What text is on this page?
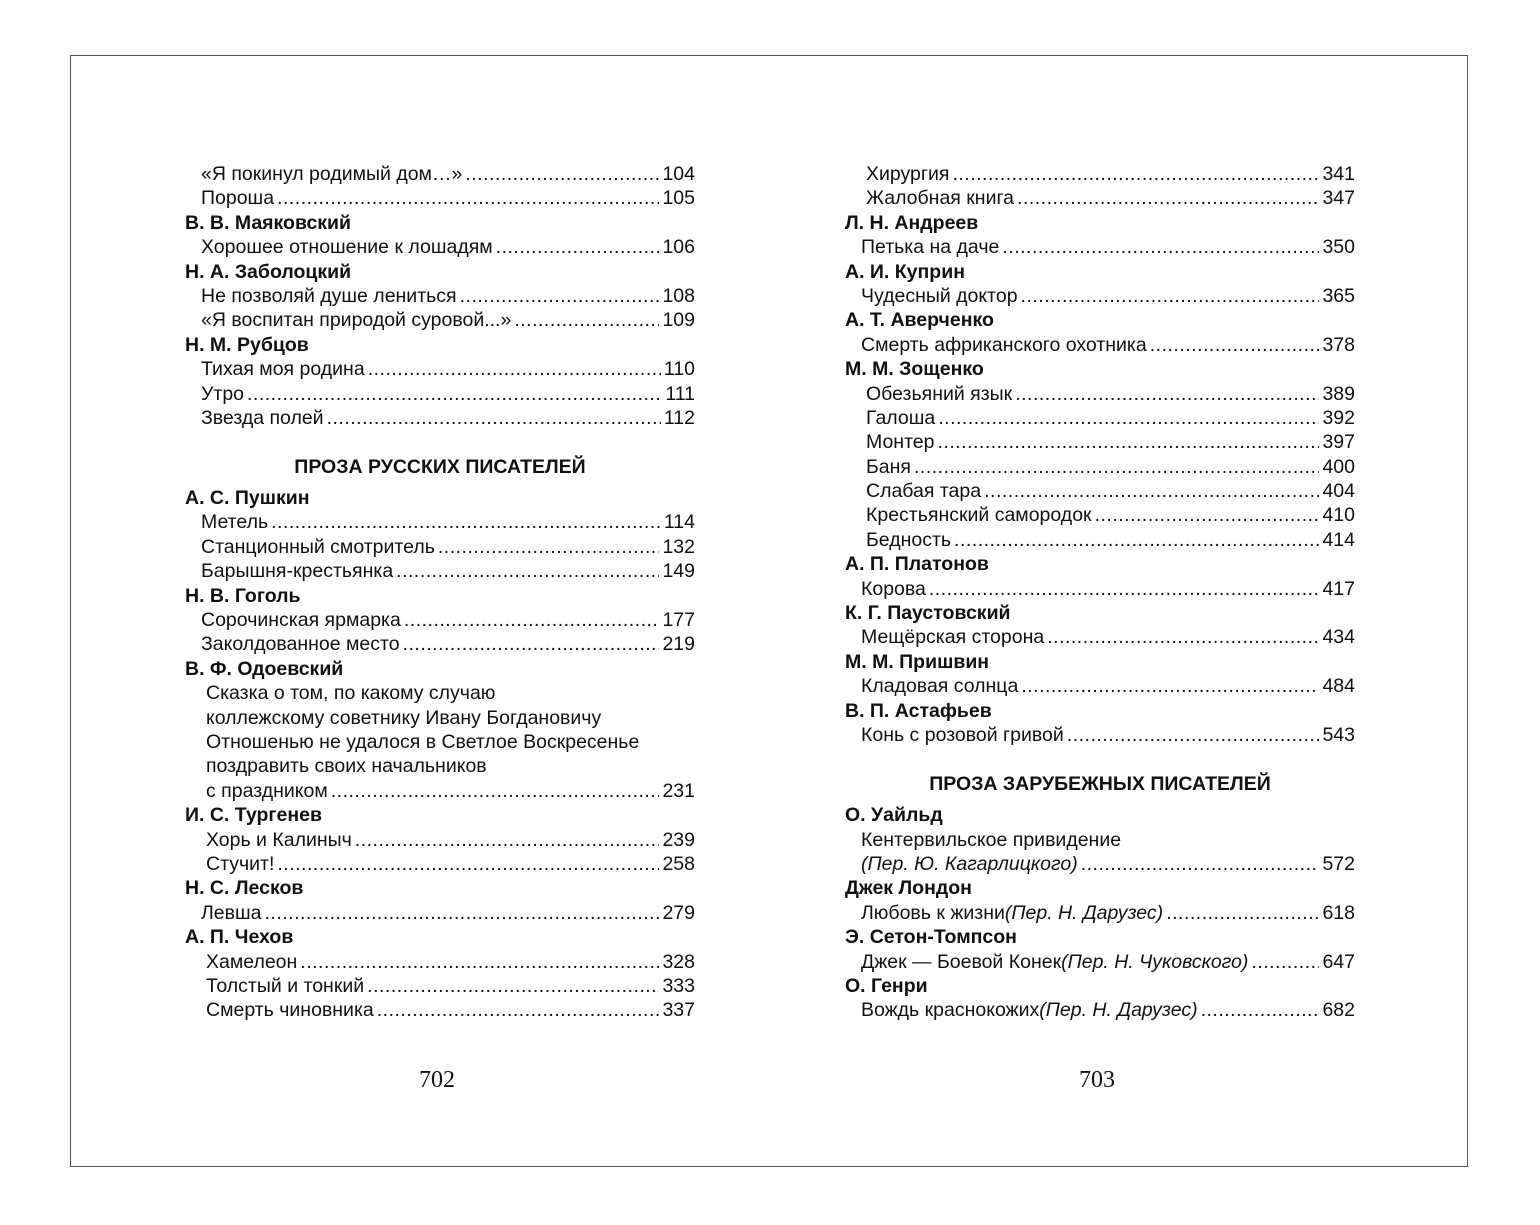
«Я покинул родимый дом…» .....	104
Пороша .....	105
В. В. Маяковский
Хорошее отношение к лошадям .....	106
Н. А. Заболоцкий
Не позволяй душе лениться .....	108
«Я воспитан природой суровой...» .....	109
Н. М. Рубцов
Тихая моя родина .....	110
Утро .....	111
Звезда полей .....	112
ПРОЗА РУССКИХ ПИСАТЕЛЕЙ
А. С. Пушкин
Метель .....	114
Станционный смотритель .....	132
Барышня-крестьянка .....	149
Н. В. Гоголь
Сорочинская ярмарка .....	177
Заколдованное место .....	219
В. Ф. Одоевский
Сказка о том, по какому случаю
коллежскому советнику Ивану Богдановичу
Отношенью не удалося в Светлое Воскресенье
поздравить своих начальников
с праздником .....	231
И. С. Тургенев
Хорь и Калиныч .....	239
Стучит! .....	258
Н. С. Лесков
Левша .....	279
А. П. Чехов
Хамелеон .....	328
Толстый и тонкий .....	333
Смерть чиновника .....	337
Хирургия .....	341
Жалобная книга .....	347
Л. Н. Андреев
Петька на даче .....	350
А. И. Куприн
Чудесный доктор .....	365
А. Т. Аверченко
Смерть африканского охотника .....	378
М. М. Зощенко
Обезьяний язык .....	389
Галоша .....	392
Монтер .....	397
Баня .....	400
Слабая тара .....	404
Крестьянский самородок .....	410
Бедность .....	414
А. П. Платонов
Корова .....	417
К. Г. Паустовский
Мещёрская сторона .....	434
М. М. Пришвин
Кладовая солнца .....	484
В. П. Астафьев
Конь с розовой гривой .....	543
ПРОЗА ЗАРУБЕЖНЫХ ПИСАТЕЛЕЙ
О. Уайльд
Кентервильское привидение
(Пер. Ю. Кагарлицкого) .....	572
Джек Лондон
Любовь к жизни (Пер. Н. Дарузес) .....	618
Э. Сетон-Томпсон
Джек — Боевой Конек (Пер. Н. Чуковского) .....	647
О. Генри
Вождь краснокожих (Пер. Н. Дарузес) .....	682
702	703
